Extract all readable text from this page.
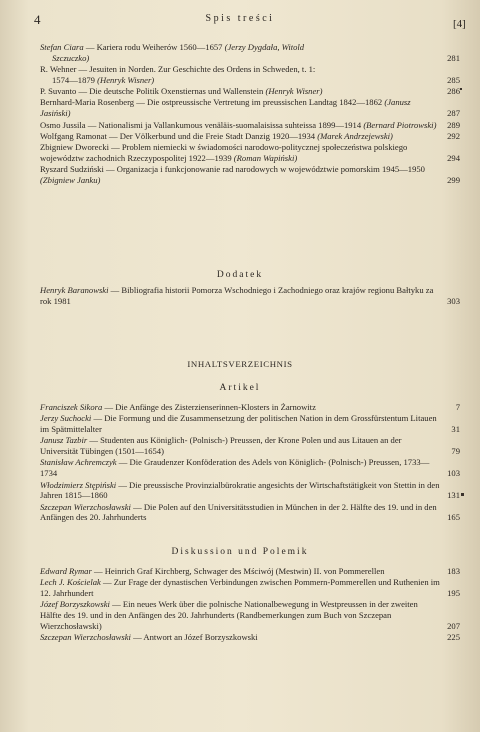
4	Spis treści	[4]
Stefan Ciara — Kariera rodu Weiherów 1560—1657 (Jerzy Dygdała, Witold
Szczuczko)	281
R. Wehner — Jesuiten in Norden. Zur Geschichte des Ordens in Schweden, t. 1:
1574—1879 (Henryk Wisner)	285
P. Suvanto — Die deutsche Politik Oxenstiernas und Wallenstein (Henryk Wisner)	286
Bernhard-Maria Rosenberg — Die ostpreussische Vertretung im preussischen Landtag 1842—1862 (Janusz Jasiński)	287
Osmo Jussila — Nationalismi ja Vallankumous venäläis-suomalaisissa suhteissa 1899—1914 (Bernard Piotrowski)	289
Wolfgang Ramonat — Der Völkerbund und die Freie Stadt Danzig 1920—1934 (Marek Andrzejewski)	292
Zbigniew Dworecki — Problem niemiecki w świadomości narodowo-politycznej społeczeństwa polskiego województw zachodnich Rzeczypospolitej 1922—1939 (Roman Wapiński)	294
Ryszard Sudziński — Organizacja i funkcjonowanie rad narodowych w województwie pomorskim 1945—1950 (Zbigniew Janku)	299
Dodatek
Henryk Baranowski — Bibliografia historii Pomorza Wschodniego i Zachodniego oraz krajów regionu Bałtyku za rok 1981	303
INHALTSVERZEICHNIS
Artikel
Franciszek Sikora — Die Anfänge des Zisterzienserinnen-Klosters in Żarnowitz	7
Jerzy Suchocki — Die Formung und die Zusammensetzung der politischen Nation in dem Grossfürstentum Litauen im Spätmittelalter	31
Janusz Tazbir — Studenten aus Königlich- (Polnisch-) Preussen, der Krone Polen und aus Litauen an der Universität Tübingen (1501—1654)	79
Stanisław Achremczyk — Die Graudenzer Konföderation des Adels von Königlich- (Polnisch-) Preussen, 1733—1734	103
Włodzimierz Stępiński — Die preussische Provinzialbürokratie angesichts der Wirtschaftstätigkeit von Stettin in den Jahren 1815—1860	131
Szczepan Wierzchosławski — Die Polen auf den Universitätsstudien in München in der 2. Hälfte des 19. und in den Anfängen des 20. Jahrhunderts	165
Diskussion und Polemik
Edward Rymar — Heinrich Graf Kirchberg, Schwager des Mściwój (Mestwin) II. von Pommerellen	183
Lech J. Kościelak — Zur Frage der dynastischen Verbindungen zwischen Pommern-Pommerellen und Ruthenien im 12. Jahrhundert	195
Józef Borzyszkowski — Ein neues Werk über die polnische Nationalbewegung in Westpreussen in der zweiten Hälfte des 19. und in den Anfängen des 20. Jahrhunderts (Randbemerkungen zum Buch von Szczepan Wierzchosławski)	207
Szczepan Wierzchosławski — Antwort an Józef Borzyszkowski	225
